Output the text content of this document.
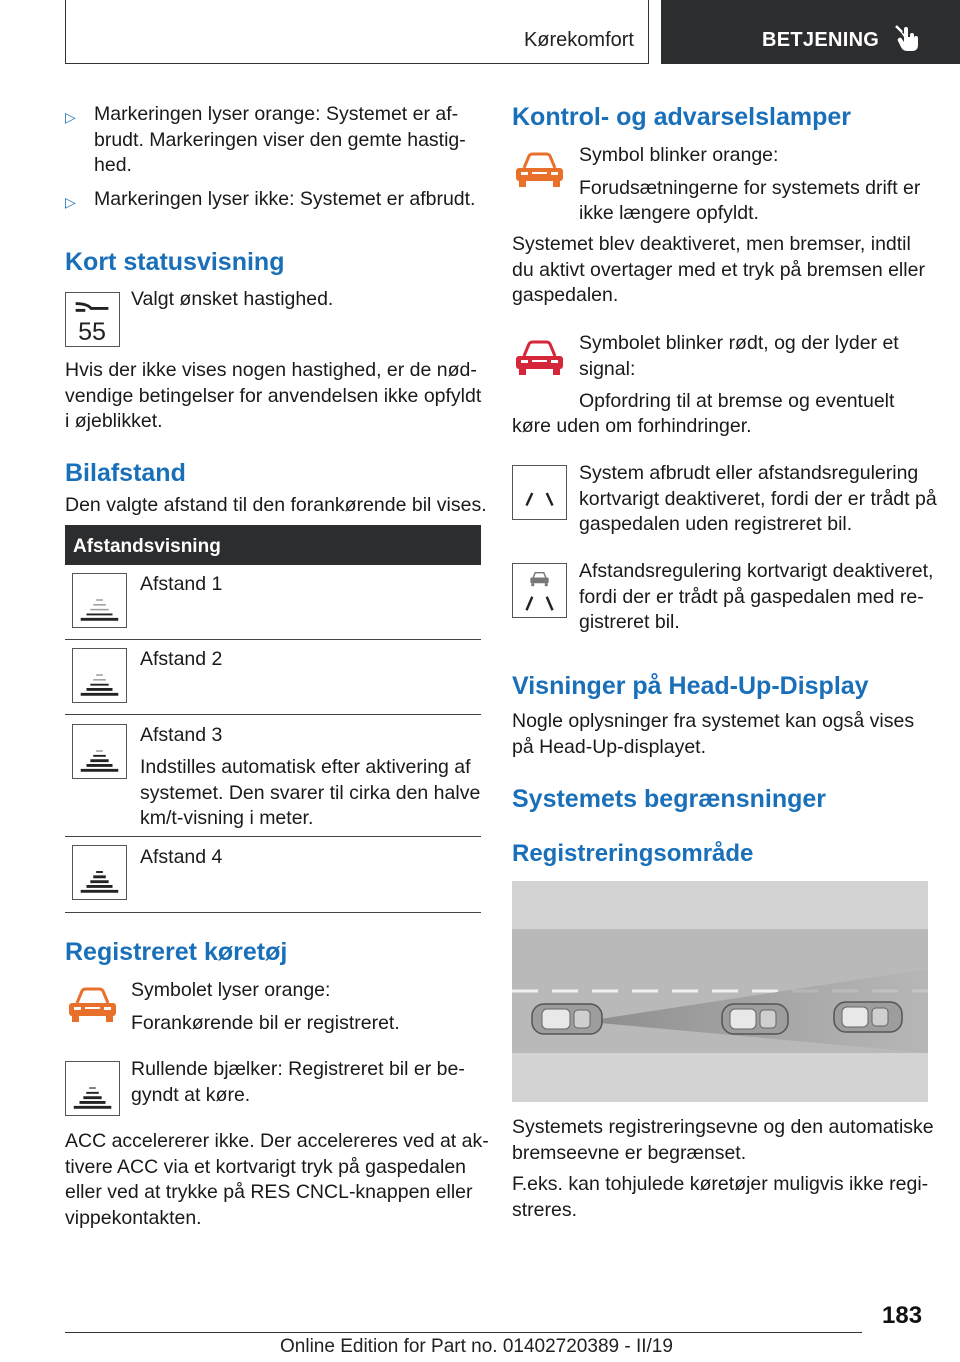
Kørekomfort	BETJENING
▷ Markeringen lyser orange: Systemet er af-
brudt. Markeringen viser den gemte hastig-
hed.
▷ Markeringen lyser ikke: Systemet er afbrudt.
Kort statusvisning
55
Valgt ønsket hastighed.
Hvis der ikke vises nogen hastighed, er de nød-
vendige betingelser for anvendelsen ikke opfyldt
i øjeblikket.
Bilafstand
Den valgte afstand til den forankørende bil vises.
Afstandsvisning
Afstand 1
Afstand 2
Afstand 3
Indstilles automatisk efter aktivering af
systemet. Den svarer til cirka den halve
km/t-visning i meter.
Afstand 4
Registreret køretøj
Symbolet lyser orange:
Forankørende bil er registreret.
Rullende bjælker: Registreret bil er be-
gyndt at køre.
ACC accelererer ikke. Der accelereres ved at ak-
tivere ACC via et kortvarigt tryk på gaspedalen
eller ved at trykke på RES CNCL-knappen eller
vippekontakten.
Kontrol- og advarselslamper
Symbol blinker orange:
Forudsætningerne for systemets drift er
ikke længere opfyldt.
Systemet blev deaktiveret, men bremser, indtil
du aktivt overtager med et tryk på bremsen eller
gaspedalen.
Symbolet blinker rødt, og der lyder et
signal:
Opfordring til at bremse og eventuelt
køre uden om forhindringer.
System afbrudt eller afstandsregulering
kortvarigt deaktiveret, fordi der er trådt på
gaspedalen uden registreret bil.
Afstandsregulering kortvarigt deaktiveret,
fordi der er trådt på gaspedalen med re-
gistreret bil.
Visninger på Head-Up-Display
Nogle oplysninger fra systemet kan også vises
på Head-Up-displayet.
Systemets begrænsninger
Registreringsområde
Systemets registreringsevne og den automatiske
bremseevne er begrænset.
F.eks. kan tohjulede køretøjer muligvis ikke regi-
streres.
183
Online Edition for Part no. 01402720389 - II/19
